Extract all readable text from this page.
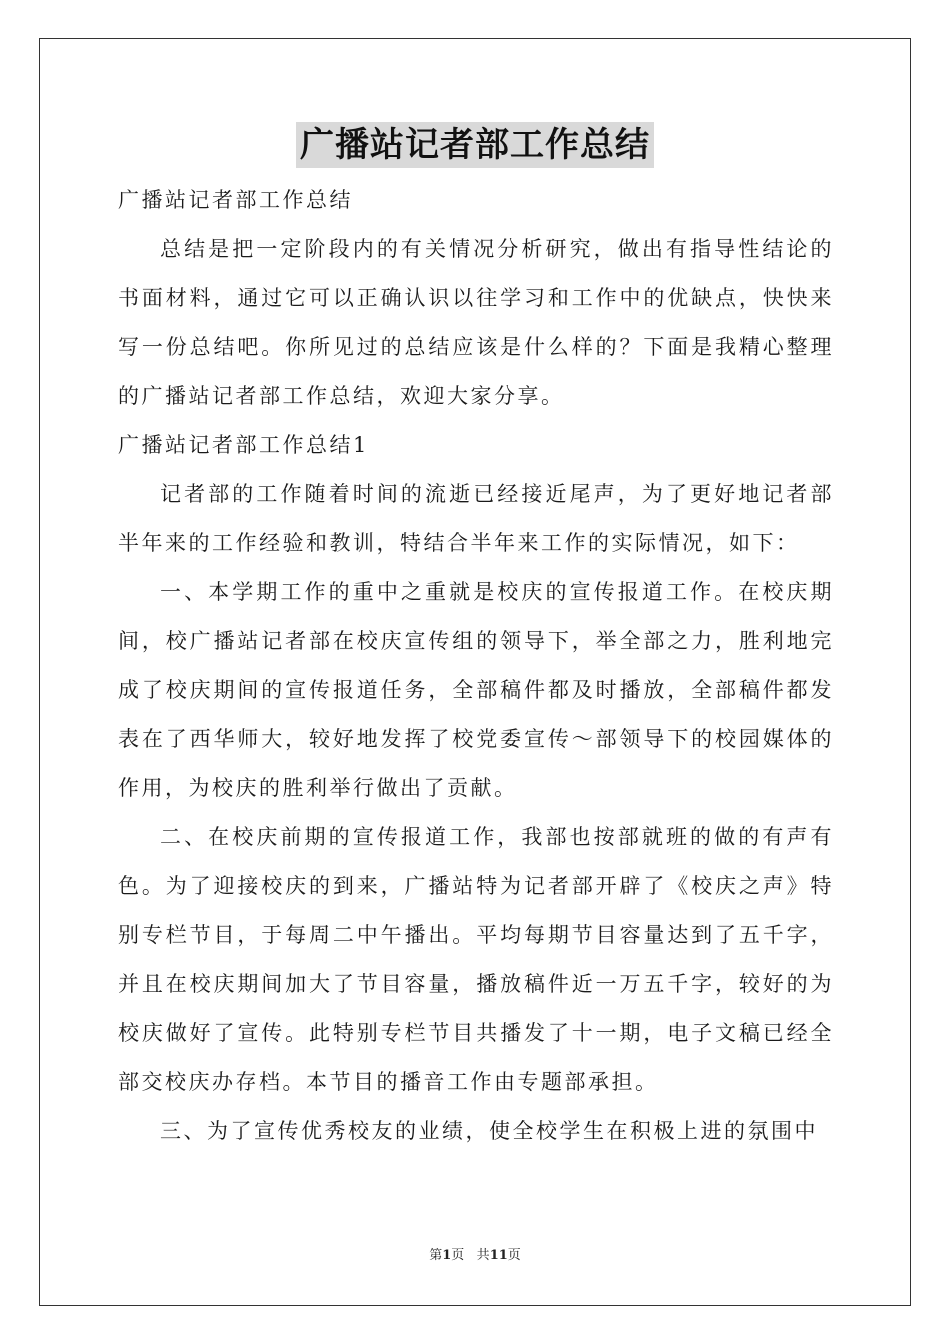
广播站记者部工作总结

广播站记者部工作总结

总结是把一定阶段内的有关情况分析研究，做出有指导性结论的书面材料，通过它可以正确认识以往学习和工作中的优缺点，快快来写一份总结吧。你所见过的总结应该是什么样的？下面是我精心整理的广播站记者部工作总结，欢迎大家分享。

广播站记者部工作总结1

记者部的工作随着时间的流逝已经接近尾声，为了更好地记者部半年来的工作经验和教训，特结合半年来工作的实际情况，如下：

一、本学期工作的重中之重就是校庆的宣传报道工作。在校庆期间，校广播站记者部在校庆宣传组的领导下，举全部之力，胜利地完成了校庆期间的宣传报道任务，全部稿件都及时播放，全部稿件都发表在了西华师大，较好地发挥了校党委宣传～部领导下的校园媒体的作用，为校庆的胜利举行做出了贡献。

二、在校庆前期的宣传报道工作，我部也按部就班的做的有声有色。为了迎接校庆的到来，广播站特为记者部开辟了《校庆之声》特别专栏节目，于每周二中午播出。平均每期节目容量达到了五千字，并且在校庆期间加大了节目容量，播放稿件近一万五千字，较好的为校庆做好了宣传。此特别专栏节目共播发了十一期，电子文稿已经全部交校庆办存档。本节目的播音工作由专题部承担。

三、为了宣传优秀校友的业绩，使全校学生在积极上进的氛围中

第1页 共11页
